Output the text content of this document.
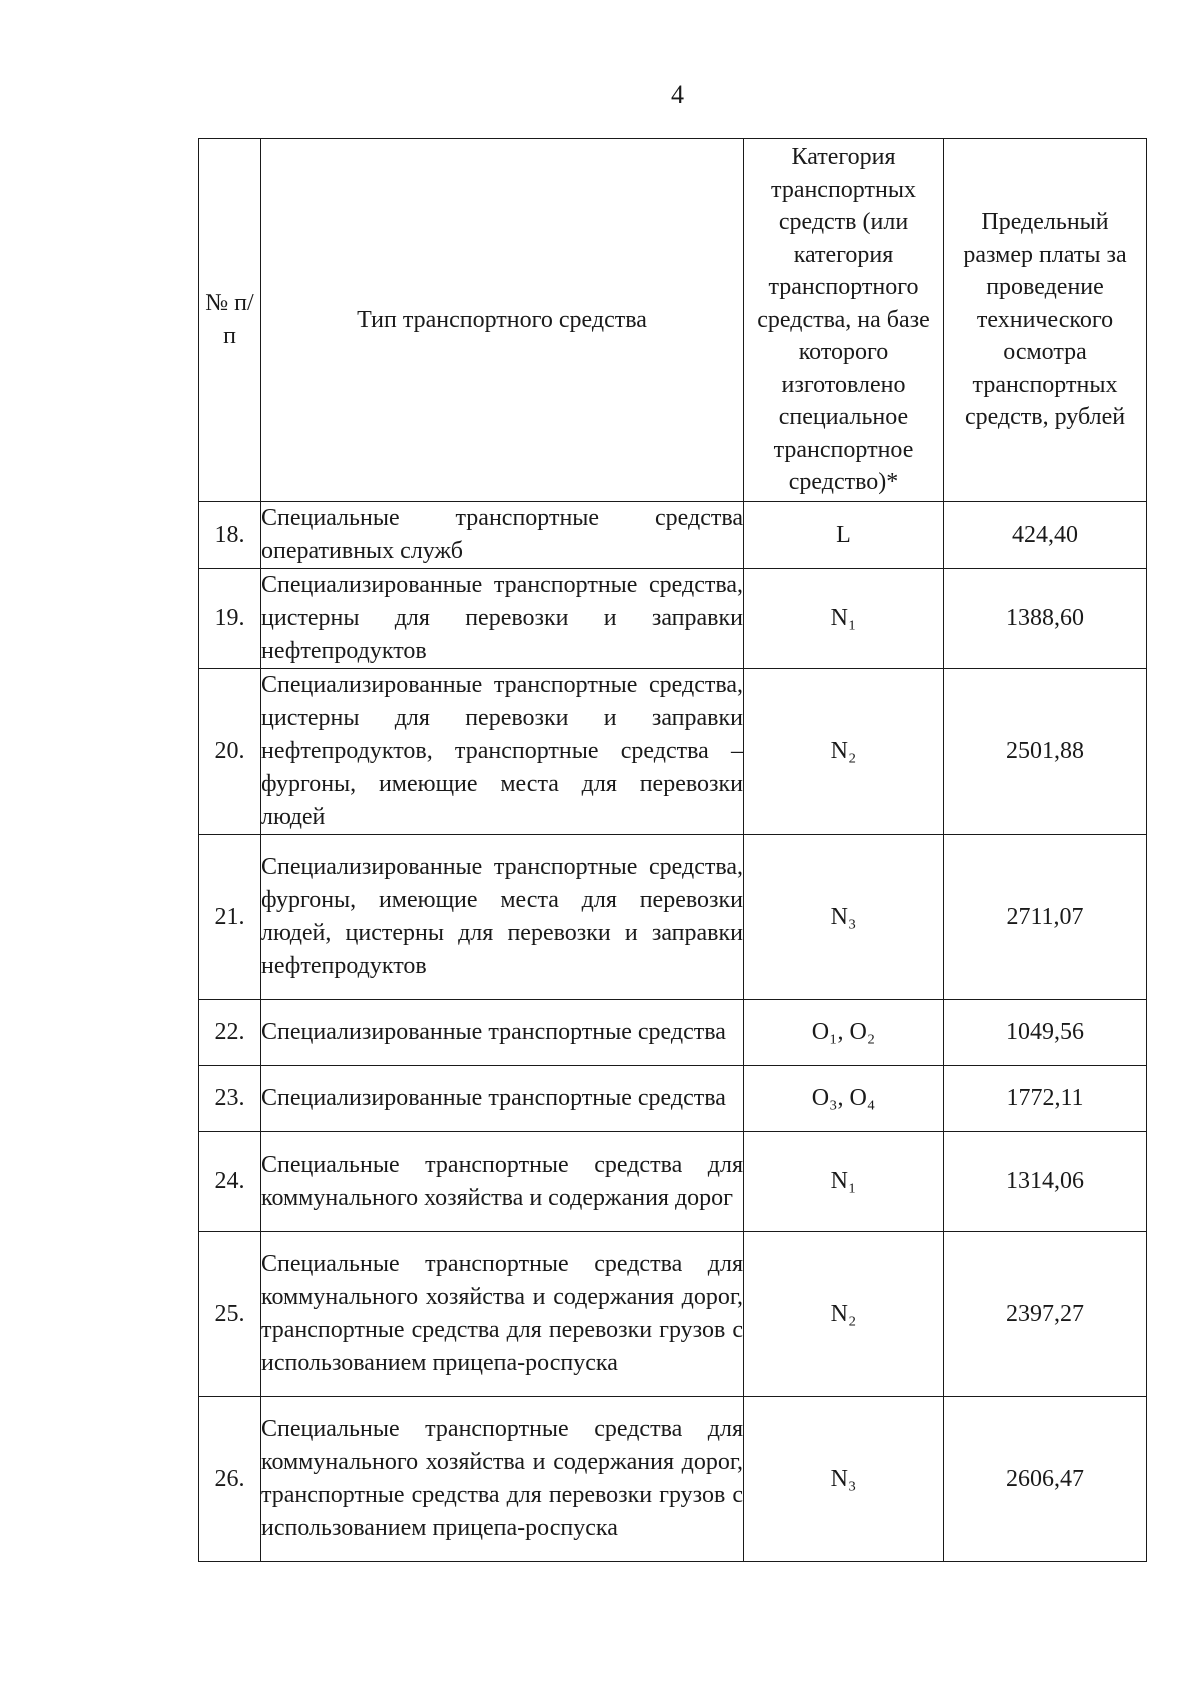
4
№ п/п	Тип транспортного средства	Категория транспортных средств (или категория транспортного средства, на базе которого изготовлено специальное транспортное средство)*	Предельный размер платы за проведение технического осмотра транспортных средств, рублей
18.	Специальные транспортные средства оперативных служб	L	424,40
19.	Специализированные транспортные средства, цистерны для перевозки и заправки нефтепродуктов	N₁	1388,60
20.	Специализированные транспортные средства, цистерны для перевозки и заправки нефтепродуктов, транспортные средства – фургоны, имеющие места для перевозки людей	N₂	2501,88
21.	Специализированные транспортные средства, фургоны, имеющие места для перевозки людей, цистерны для перевозки и заправки нефтепродуктов	N₃	2711,07
22.	Специализированные транспортные средства	O₁, O₂	1049,56
23.	Специализированные транспортные средства	O₃, O₄	1772,11
24.	Специальные транспортные средства для коммунального хозяйства и содержания дорог	N₁	1314,06
25.	Специальные транспортные средства для коммунального хозяйства и содержания дорог, транспортные средства для перевозки грузов с использованием прицепа-роспуска	N₂	2397,27
26.	Специальные транспортные средства для коммунального хозяйства и содержания дорог, транспортные средства для перевозки грузов с использованием прицепа-роспуска	N₃	2606,47
